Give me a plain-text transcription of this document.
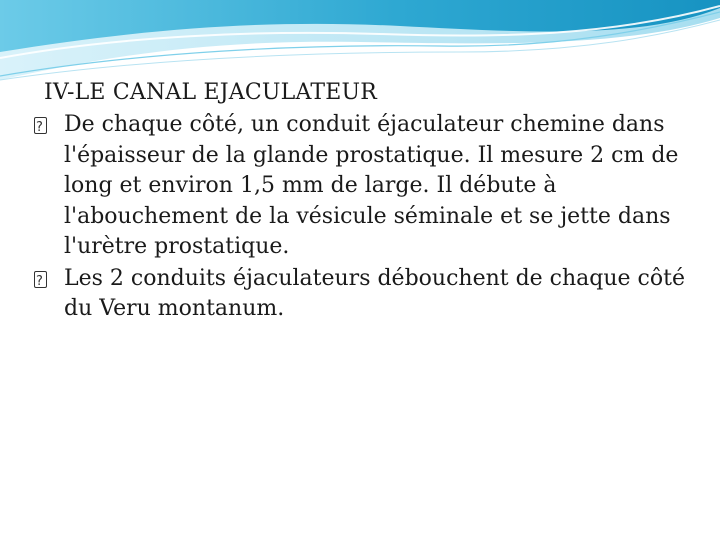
IV-LE CANAL EJACULATEUR
?
De chaque côté, un conduit éjaculateur chemine dans l'épaisseur de la glande prostatique. Il mesure 2 cm de long et environ 1,5 mm de large. Il débute à l'abouchement de la vésicule séminale et se jette dans l'urètre prostatique.
?
Les 2 conduits éjaculateurs débouchent de chaque côté du Veru montanum.
